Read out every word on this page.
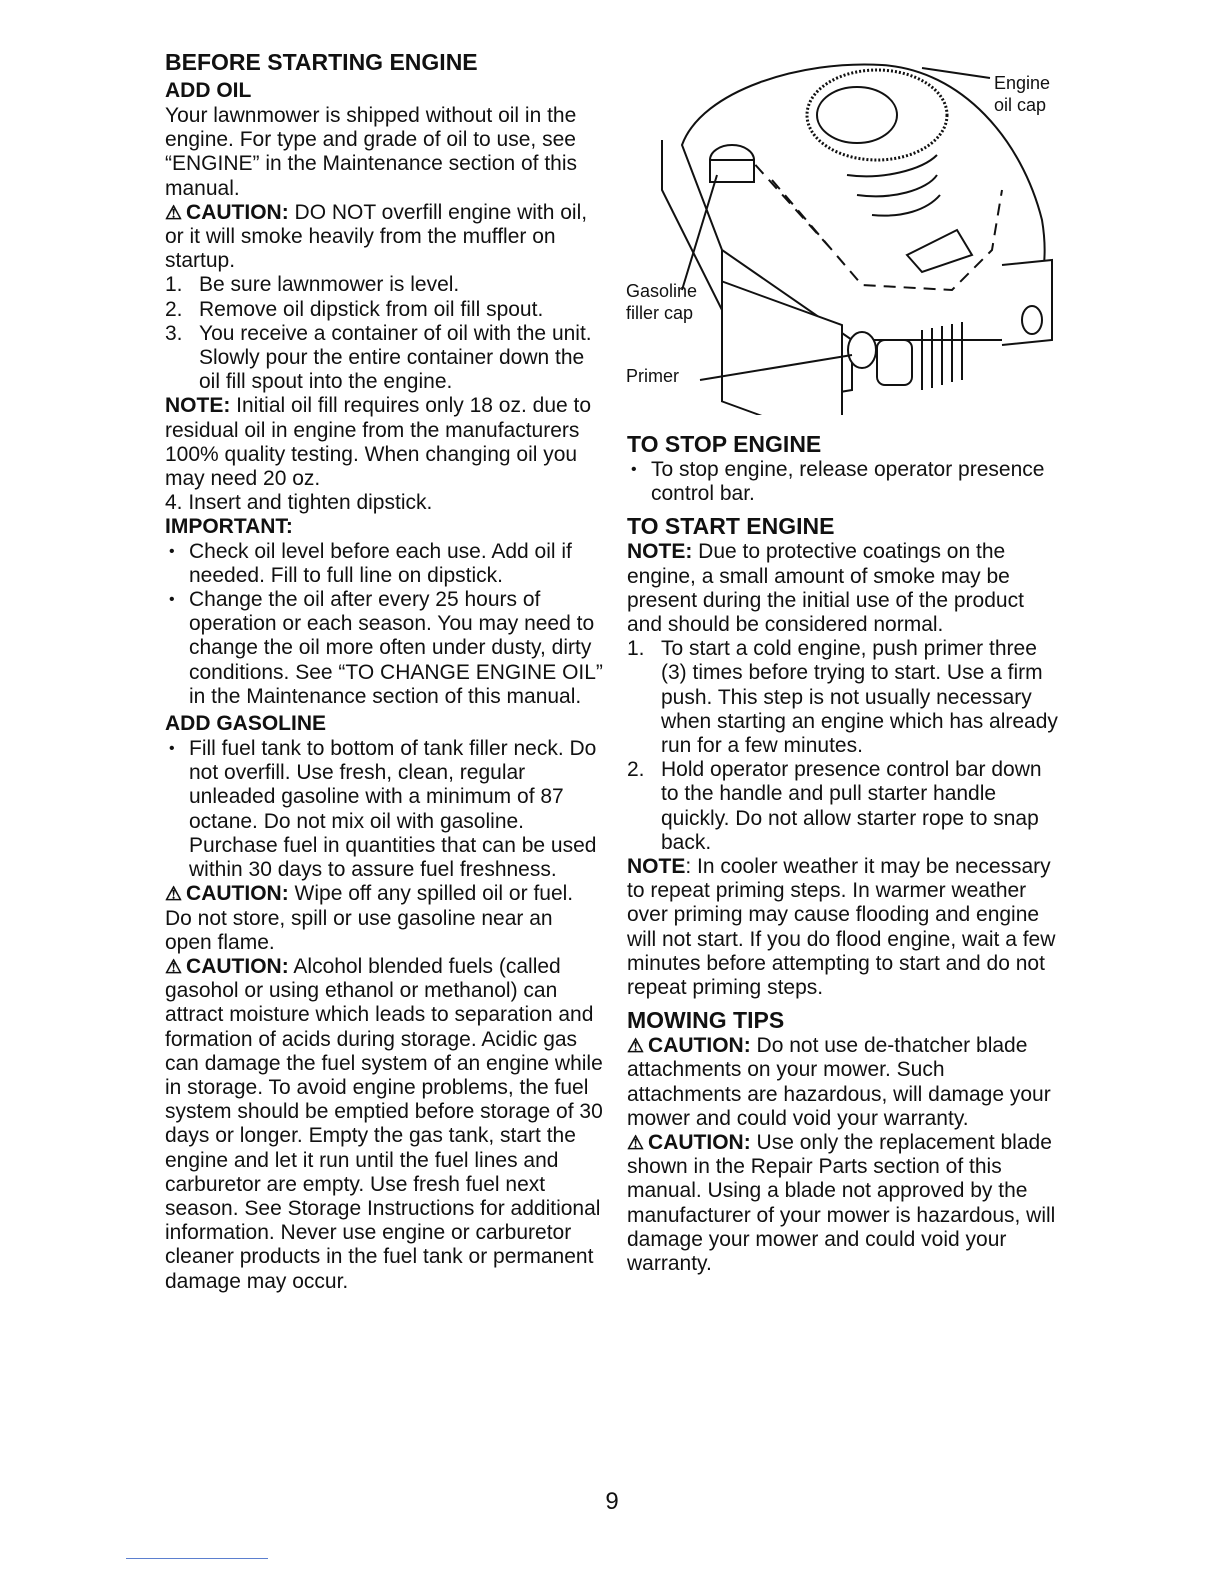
BEFORE STARTING ENGINE
ADD OIL

Your lawnmower is shipped without oil in the engine. For type and grade of oil to use, see “ENGINE” in the Maintenance section of this manual.

⚠ CAUTION: DO NOT overfill engine with oil, or it will smoke heavily from the muffler on startup.

1. Be sure lawnmower is level.
2. Remove oil dipstick from oil fill spout.
3. You receive a container of oil with the unit. Slowly pour the entire container down the oil fill spout into the engine.

NOTE: Initial oil fill requires only 18 oz. due to residual oil in engine from the manufacturers 100% quality testing. When changing oil you may need 20 oz.

4. Insert and tighten dipstick.

IMPORTANT:

• Check oil level before each use. Add oil if needed. Fill to full line on dipstick.
• Change the oil after every 25 hours of operation or each season. You may need to change the oil more often under dusty, dirty conditions. See “TO CHANGE ENGINE OIL” in the Maintenance section of this manual.
ADD GASOLINE
• Fill fuel tank to bottom of tank filler neck. Do not overfill. Use fresh, clean, regular unleaded gasoline with a minimum of 87 octane. Do not mix oil with gasoline. Purchase fuel in quantities that can be used within 30 days to assure fuel freshness.

⚠ CAUTION: Wipe off any spilled oil or fuel. Do not store, spill or use gasoline near an open flame.

⚠ CAUTION: Alcohol blended fuels (called gasohol or using ethanol or methanol) can attract moisture which leads to separation and formation of acids during storage. Acidic gas can damage the fuel system of an engine while in storage. To avoid engine problems, the fuel system should be emptied before storage of 30 days or longer. Empty the gas tank, start the engine and let it run until the fuel lines and carburetor are empty. Use fresh fuel next season. See Storage Instructions for additional information. Never use engine or carburetor cleaner products in the fuel tank or permanent damage may occur.

Engine
oil cap
Gasoline
filler cap
Primer
TO STOP ENGINE
• To stop engine, release operator presence control bar.
TO START ENGINE

NOTE: Due to protective coatings on the engine, a small amount of smoke may be present during the initial use of the product and should be considered normal.

1. To start a cold engine, push primer three (3) times before trying to start. Use a firm push. This step is not usually necessary when starting an engine which has already run for a few minutes.
2. Hold operator presence control bar down to the handle and pull starter handle quickly. Do not allow starter rope to snap back.

NOTE: In cooler weather it may be necessary to repeat priming steps. In warmer weather over priming may cause flooding and engine will not start. If you do flood engine, wait a few minutes before attempting to start and do not repeat priming steps.

MOWING TIPS

⚠ CAUTION: Do not use de-thatcher blade attachments on your mower. Such attachments are hazardous, will damage your mower and could void your warranty.

⚠ CAUTION: Use only the replacement blade shown in the Repair Parts section of this manual. Using a blade not approved by the manufacturer of your mower is hazardous, will damage your mower and could void your warranty.

9
